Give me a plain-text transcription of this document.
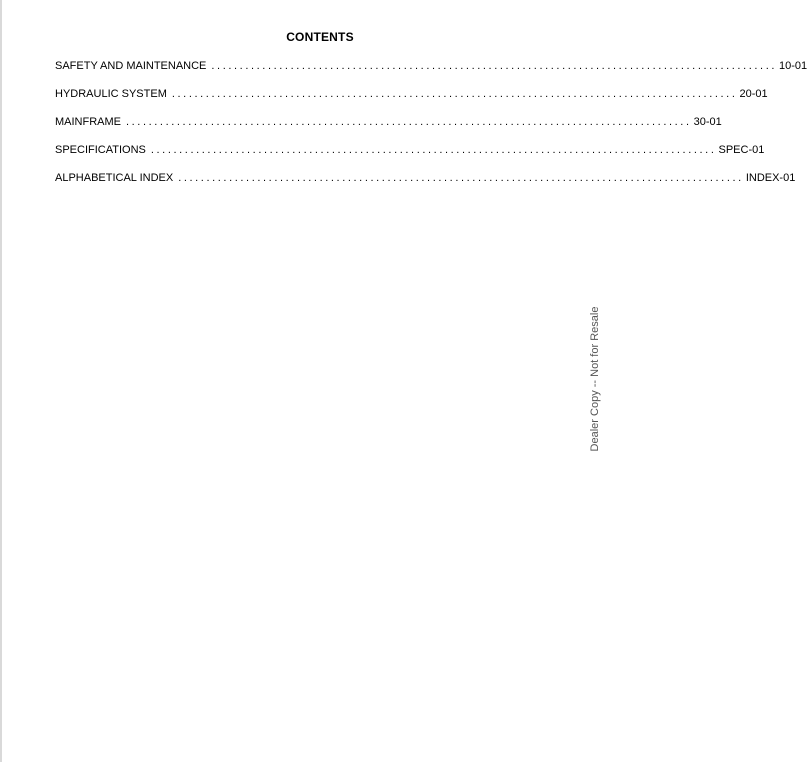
CONTENTS
SAFETY AND MAINTENANCE .................................................................................................... 10-01
HYDRAULIC SYSTEM .................................................................................................... 20-01
MAINFRAME .................................................................................................... 30-01
SPECIFICATIONS .................................................................................................... SPEC-01
ALPHABETICAL INDEX .................................................................................................... INDEX-01
Dealer Copy -- Not for Resale
